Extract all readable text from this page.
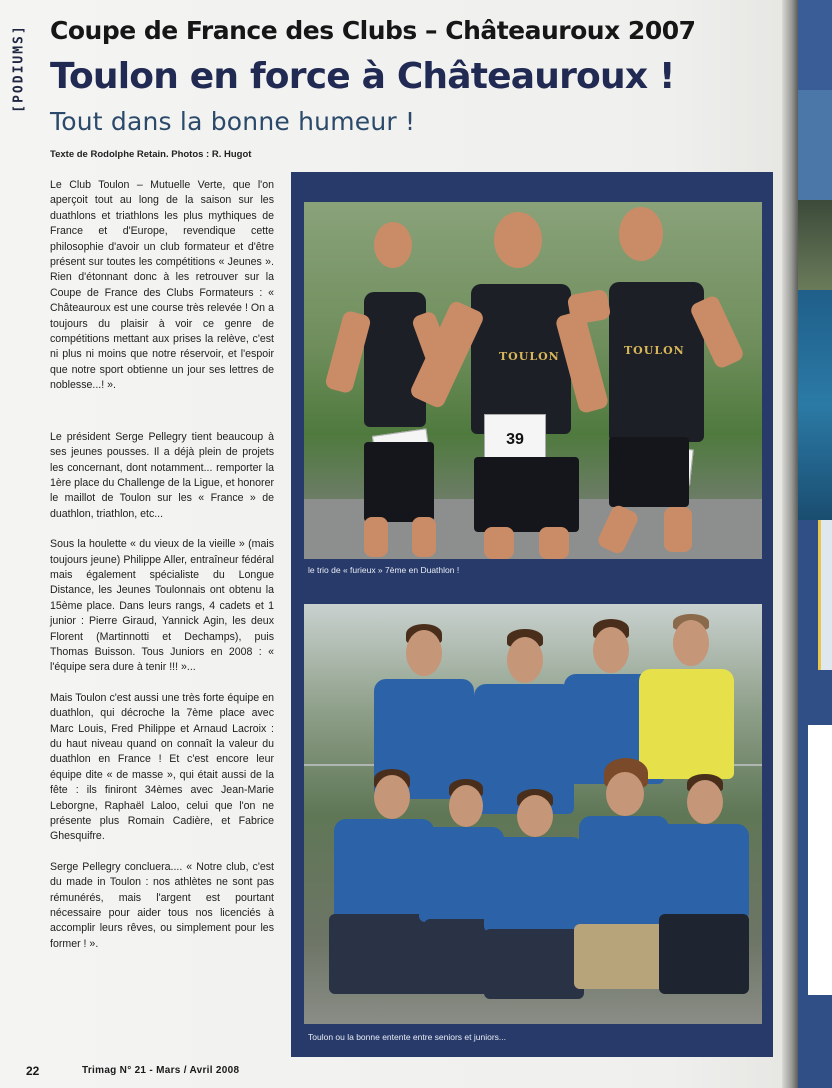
[PODIUMS] Coupe de France des Clubs – Châteauroux 2007
Toulon en force à Châteauroux !
Tout dans la bonne humeur !
Texte de Rodolphe Retain. Photos : R. Hugot

Le Club Toulon – Mutuelle Verte, que l'on aperçoit tout au long de la saison sur les duathlons et triathlons les plus mythiques de France et d'Europe, revendique cette philosophie d'avoir un club formateur et d'être présent sur toutes les compétitions « Jeunes ». Rien d'étonnant donc à les retrouver sur la Coupe de France des Clubs Formateurs : « Châteauroux est une course très relevée ! On a toujours du plaisir à voir ce genre de compétitions mettant aux prises la relève, c'est ni plus ni moins que notre réservoir, et l'espoir que notre sport obtienne un jour ses lettres de noblesse...! ».

Le président Serge Pellegry tient beaucoup à ses jeunes pousses. Il a déjà plein de projets les concernant, dont notamment... remporter la 1ère place du Challenge de la Ligue, et honorer le maillot de Toulon sur les « France » de duathlon, triathlon, etc...

Sous la houlette « du vieux de la vieille » (mais toujours jeune) Philippe Aller, entraîneur fédéral mais également spécialiste du Longue Distance, les Jeunes Toulonnais ont obtenu la 15ème place. Dans leurs rangs, 4 cadets et 1 junior : Pierre Giraud, Yannick Agin, les deux Florent (Martinnotti et Dechamps), puis Thomas Buisson. Tous Juniors en 2008 : « l'équipe sera dure à tenir !!! »...

Mais Toulon c'est aussi une très forte équipe en duathlon, qui décroche la 7ème place avec Marc Louis, Fred Philippe et Arnaud Lacroix : du haut niveau quand on connaît la valeur du duathlon en France ! Et c'est encore leur équipe dite « de masse », qui était aussi de la fête : ils finiront 34èmes avec Jean-Marie Leborgne, Raphaël Laloo, celui que l'on ne présente plus Romain Cadière, et Fabrice Ghesquifre.

Serge Pellegry concluera.... « Notre club, c'est du made in Toulon : nos athlètes ne sont pas rémunérés, mais l'argent est pourtant nécessaire pour aider tous nos licenciés à accomplir leurs rêves, ou simplement pour les former ! ».

TOULON
39
TOULON
le trio de « furieux » 7ème en Duathlon !
Toulon ou la bonne entente entre seniors et juniors...
22	Trimag N° 21 - Mars / Avril 2008
